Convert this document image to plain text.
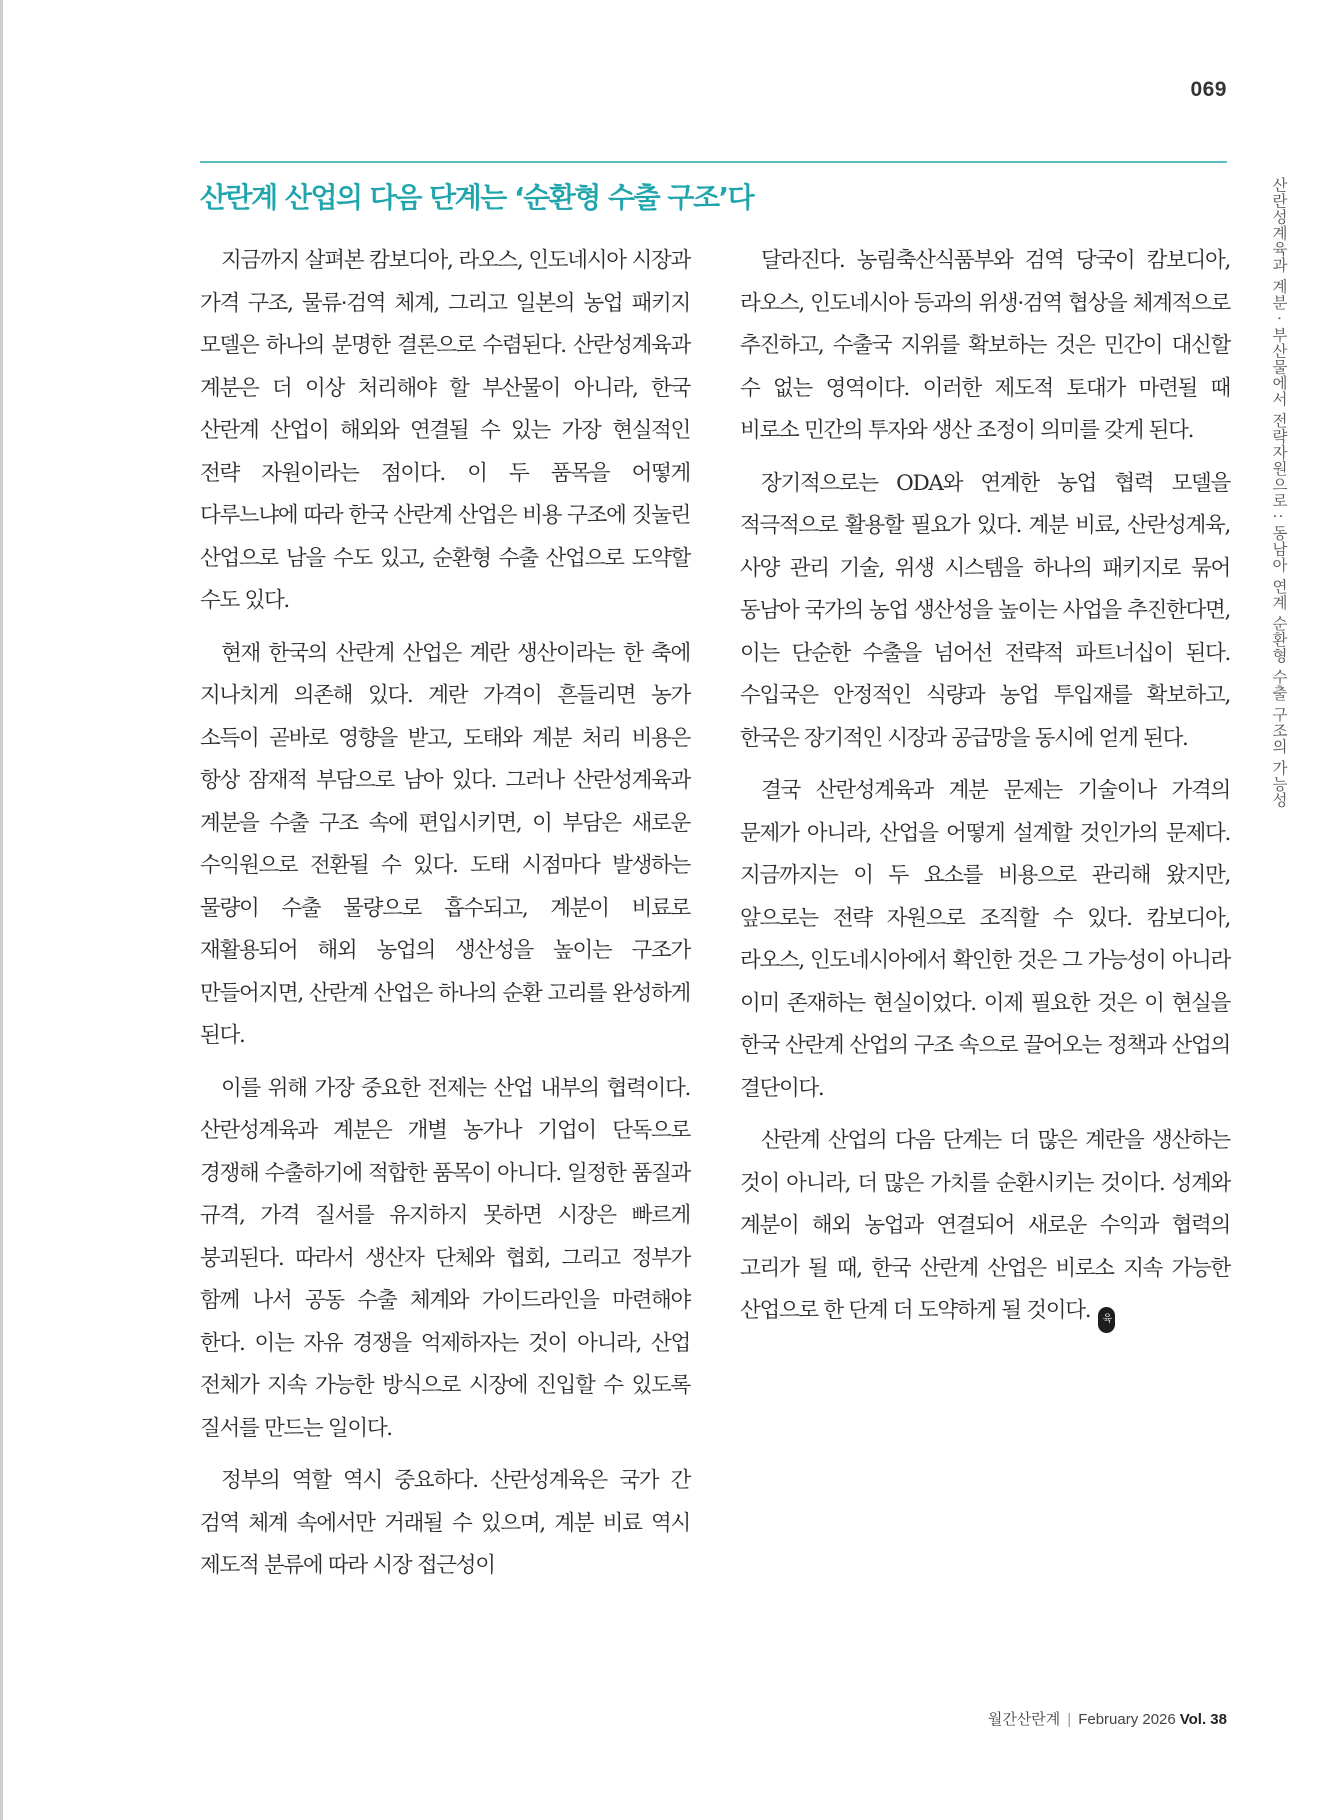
069
산란계 산업의 다음 단계는 ‘순환형 수출 구조’다

지금까지 살펴본 캄보디아, 라오스, 인도네시아 시장과 가격 구조, 물류·검역 체계, 그리고 일본의 농업 패키지 모델은 하나의 분명한 결론으로 수렴된다. 산란성계육과 계분은 더 이상 처리해야 할 부산물이 아니라, 한국 산란계 산업이 해외와 연결될 수 있는 가장 현실적인 전략 자원이라는 점이다. 이 두 품목을 어떻게 다루느냐에 따라 한국 산란계 산업은 비용 구조에 짓눌린 산업으로 남을 수도 있고, 순환형 수출 산업으로 도약할 수도 있다.

현재 한국의 산란계 산업은 계란 생산이라는 한 축에 지나치게 의존해 있다. 계란 가격이 흔들리면 농가 소득이 곧바로 영향을 받고, 도태와 계분 처리 비용은 항상 잠재적 부담으로 남아 있다. 그러나 산란성계육과 계분을 수출 구조 속에 편입시키면, 이 부담은 새로운 수익원으로 전환될 수 있다. 도태 시점마다 발생하는 물량이 수출 물량으로 흡수되고, 계분이 비료로 재활용되어 해외 농업의 생산성을 높이는 구조가 만들어지면, 산란계 산업은 하나의 순환 고리를 완성하게 된다.

이를 위해 가장 중요한 전제는 산업 내부의 협력이다. 산란성계육과 계분은 개별 농가나 기업이 단독으로 경쟁해 수출하기에 적합한 품목이 아니다. 일정한 품질과 규격, 가격 질서를 유지하지 못하면 시장은 빠르게 붕괴된다. 따라서 생산자 단체와 협회, 그리고 정부가 함께 나서 공동 수출 체계와 가이드라인을 마련해야 한다. 이는 자유 경쟁을 억제하자는 것이 아니라, 산업 전체가 지속 가능한 방식으로 시장에 진입할 수 있도록 질서를 만드는 일이다.

정부의 역할 역시 중요하다. 산란성계육은 국가 간 검역 체계 속에서만 거래될 수 있으며, 계분 비료 역시 제도적 분류에 따라 시장 접근성이

달라진다. 농림축산식품부와 검역 당국이 캄보디아, 라오스, 인도네시아 등과의 위생·검역 협상을 체계적으로 추진하고, 수출국 지위를 확보하는 것은 민간이 대신할 수 없는 영역이다. 이러한 제도적 토대가 마련될 때 비로소 민간의 투자와 생산 조정이 의미를 갖게 된다.

장기적으로는 ODA와 연계한 농업 협력 모델을 적극적으로 활용할 필요가 있다. 계분 비료, 산란성계육, 사양 관리 기술, 위생 시스템을 하나의 패키지로 묶어 동남아 국가의 농업 생산성을 높이는 사업을 추진한다면, 이는 단순한 수출을 넘어선 전략적 파트너십이 된다. 수입국은 안정적인 식량과 농업 투입재를 확보하고, 한국은 장기적인 시장과 공급망을 동시에 얻게 된다.

결국 산란성계육과 계분 문제는 기술이나 가격의 문제가 아니라, 산업을 어떻게 설계할 것인가의 문제다. 지금까지는 이 두 요소를 비용으로 관리해 왔지만, 앞으로는 전략 자원으로 조직할 수 있다. 캄보디아, 라오스, 인도네시아에서 확인한 것은 그 가능성이 아니라 이미 존재하는 현실이었다. 이제 필요한 것은 이 현실을 한국 산란계 산업의 구조 속으로 끌어오는 정책과 산업의 결단이다.

산란계 산업의 다음 단계는 더 많은 계란을 생산하는 것이 아니라, 더 많은 가치를 순환시키는 것이다. 성계와 계분이 해외 농업과 연결되어 새로운 수익과 협력의 고리가 될 때, 한국 산란계 산업은 비로소 지속 가능한 산업으로 한 단계 더 도약하게 될 것이다. 육

산란성계육과 계분 · 부산물에서 전략자원으로 : 동남아 연계 순환형 수출 구조의 가능성
월간산란계 | February 2026 Vol. 38
